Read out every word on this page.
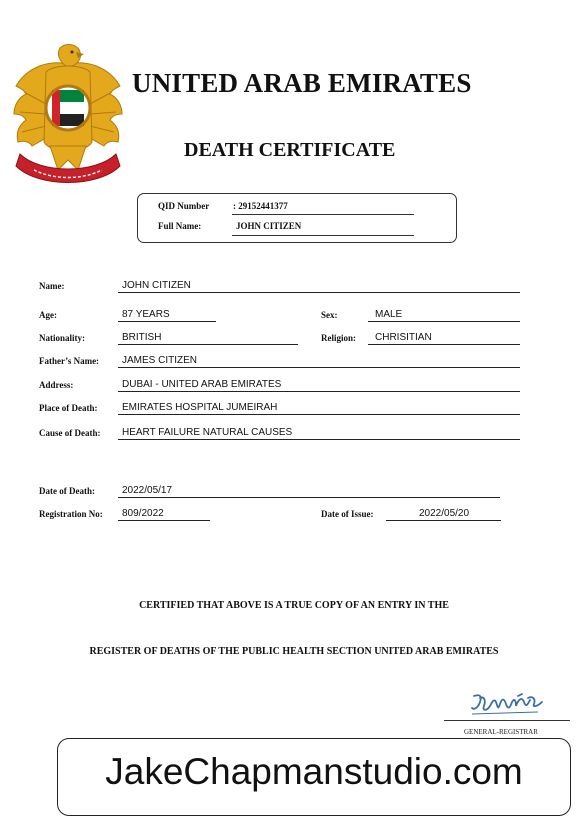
UNITED ARAB EMIRATES
DEATH CERTIFICATE
QID Number	: 29152441377
Full Name:	JOHN CITIZEN
Name:	JOHN CITIZEN
Age:	87 YEARS	Sex:	MALE
Nationality:	BRITISH	Religion: CHRISITIAN
Father’s Name: JAMES CITIZEN
Address:	DUBAI - UNITED ARAB EMIRATES
Place of Death: EMIRATES HOSPITAL JUMEIRAH
Cause of Death: HEART FAILURE NATURAL CAUSES
Date of Death:	2022/05/17
Registration No: 809/2022	Date of Issue:	2022/05/20
CERTIFIED THAT ABOVE IS A TRUE COPY OF AN ENTRY IN THE
REGISTER OF DEATHS OF THE PUBLIC HEALTH SECTION UNITED ARAB EMIRATES
GENERAL-REGISTRAR
JakeChapmanstudio.com
